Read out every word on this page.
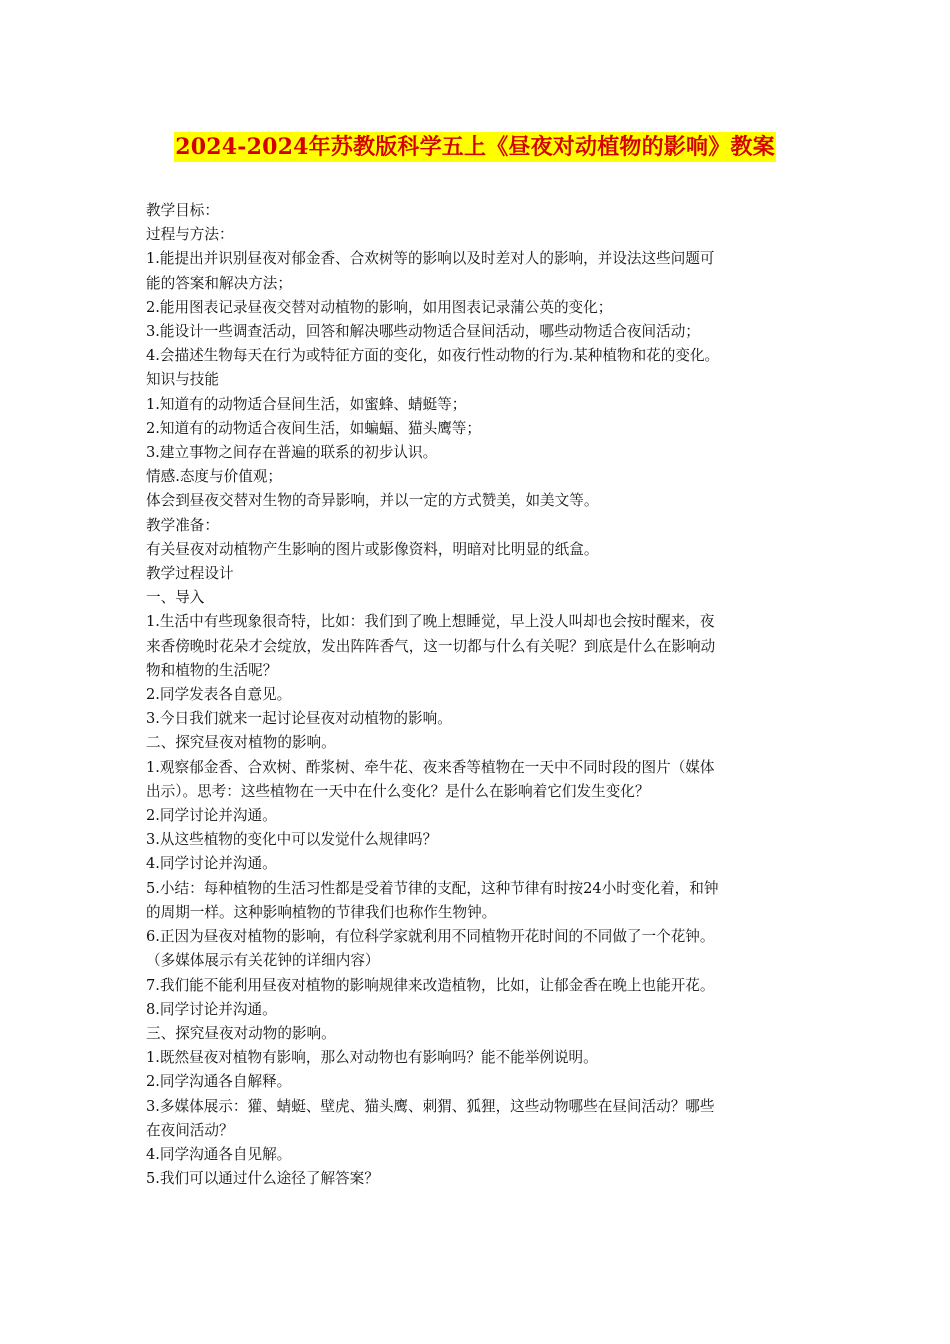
2024-2024年苏教版科学五上《昼夜对动植物的影响》教案
教学目标：
过程与方法：
1.能提出并识别昼夜对郁金香、合欢树等的影响以及时差对人的影响，并设法这些问题可
能的答案和解决方法；
2.能用图表记录昼夜交替对动植物的影响，如用图表记录蒲公英的变化；
3.能设计一些调查活动，回答和解决哪些动物适合昼间活动，哪些动物适合夜间活动；
4.会描述生物每天在行为或特征方面的变化，如夜行性动物的行为.某种植物和花的变化。
知识与技能
1.知道有的动物适合昼间生活，如蜜蜂、蜻蜓等；
2.知道有的动物适合夜间生活，如蝙蝠、猫头鹰等；
3.建立事物之间存在普遍的联系的初步认识。
情感.态度与价值观；
体会到昼夜交替对生物的奇异影响，并以一定的方式赞美，如美文等。
教学准备：
有关昼夜对动植物产生影响的图片或影像资料，明暗对比明显的纸盒。
教学过程设计
一、导入
1.生活中有些现象很奇特，比如：我们到了晚上想睡觉，早上没人叫却也会按时醒来，夜
来香傍晚时花朵才会绽放，发出阵阵香气，这一切都与什么有关呢？到底是什么在影响动
物和植物的生活呢？
2.同学发表各自意见。
3.今日我们就来一起讨论昼夜对动植物的影响。
二、探究昼夜对植物的影响。
1.观察郁金香、合欢树、酢浆树、牵牛花、夜来香等植物在一天中不同时段的图片（媒体
出示）。思考：这些植物在一天中在什么变化？是什么在影响着它们发生变化？
2.同学讨论并沟通。
3.从这些植物的变化中可以发觉什么规律吗？
4.同学讨论并沟通。
5.小结：每种植物的生活习性都是受着节律的支配，这种节律有时按24小时变化着，和钟
的周期一样。这种影响植物的节律我们也称作生物钟。
6.正因为昼夜对植物的影响，有位科学家就利用不同植物开花时间的不同做了一个花钟。
（多媒体展示有关花钟的详细内容）
7.我们能不能利用昼夜对植物的影响规律来改造植物，比如，让郁金香在晚上也能开花。
8.同学讨论并沟通。
三、探究昼夜对动物的影响。
1.既然昼夜对植物有影响，那么对动物也有影响吗？能不能举例说明。
2.同学沟通各自解释。
3.多媒体展示：獾、蜻蜓、壁虎、猫头鹰、刺猬、狐狸，这些动物哪些在昼间活动？哪些
在夜间活动？
4.同学沟通各自见解。
5.我们可以通过什么途径了解答案？
